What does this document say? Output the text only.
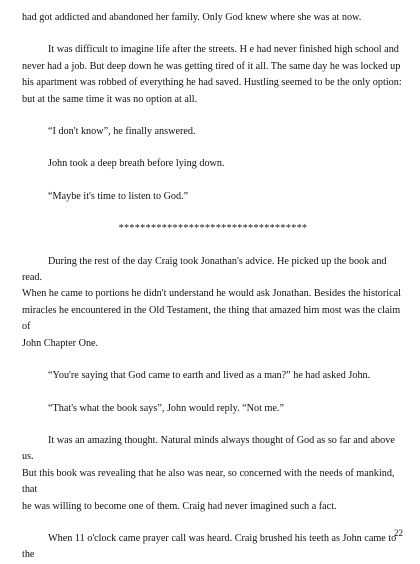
had got addicted and abandoned her family. Only God knew where she was at now.

It was difficult to imagine life after the streets. H e had never finished high school and
never had a job. But deep down he was getting tired of it all. The same day he was locked up
his apartment was robbed of everything he had saved. Hustling seemed to be the only option:
but at the same time it was no option at all.

“I don't know”, he finally answered.

John took a deep breath before lying down.

“Maybe it's time to listen to God.”

***********************************

During the rest of the day Craig took Jonathan's advice. He picked up the book and read.
When he came to portions he didn't understand he would ask Jonathan. Besides the historical
miracles he encountered in the Old Testament, the thing that amazed him most was the claim of
John Chapter One.

“You're saying that God came to earth and lived as a man?” he had asked John.

“That's what the book says”, John would reply. “Not me.”

It was an amazing thought. Natural minds always thought of God as so far and above us.
But this book was revealing that he also was near, so concerned with the needs of mankind, that
he was willing to become one of them. Craig had never imagined such a fact.

When 11 o'clock came prayer call was heard. Craig brushed his teeth as John came to the

22
